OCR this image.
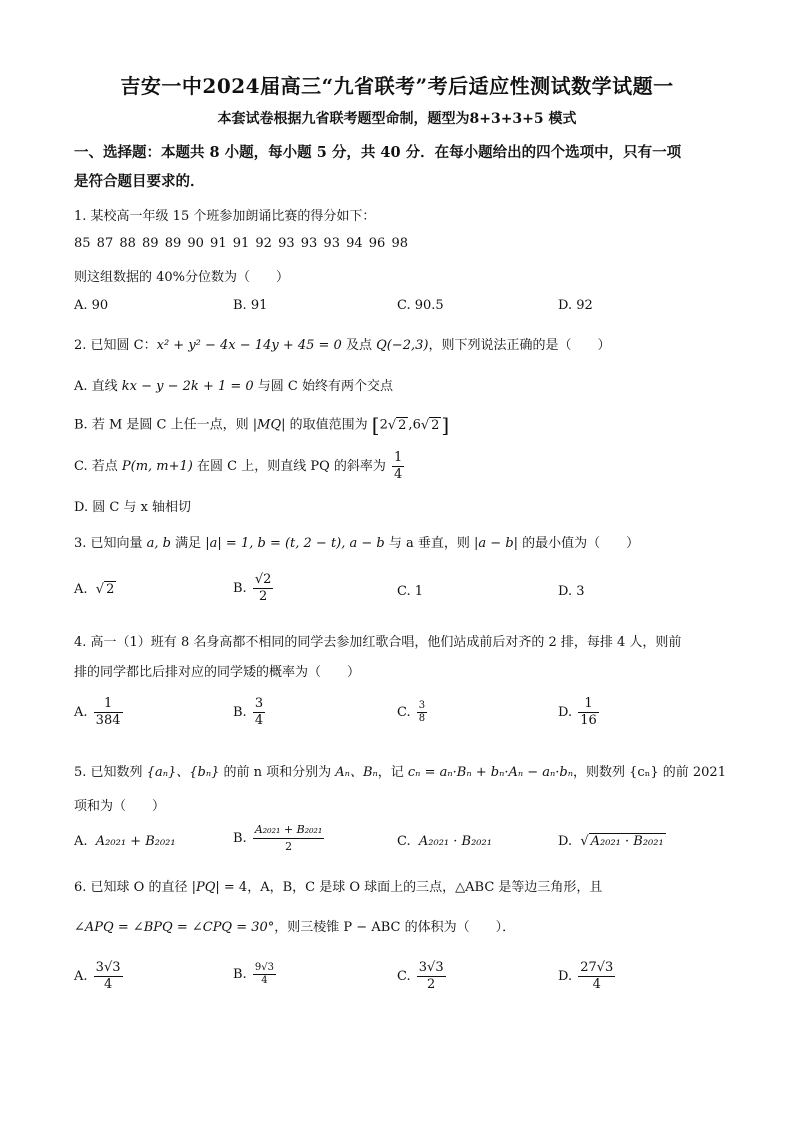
吉安一中2024届高三“九省联考”考后适应性测试数学试题一
本套试卷根据九省联考题型命制，题型为8+3+3+5 模式
一、选择题：本题共 8 小题，每小题 5 分，共 40 分．在每小题给出的四个选项中，只有一项
是符合题目要求的．
1. 某校高一年级 15 个班参加朗诵比赛的得分如下：
85 87 88 89 89 90 91 91 92 93 93 93 94 96 98
则这组数据的 40%分位数为（　　）
A. 90	B. 91	C. 90.5	D. 92
2. 已知圆 C：x² + y² − 4x − 14y + 45 = 0 及点 Q(−2,3)，则下列说法正确的是（　　）
A. 直线 kx − y − 2k + 1 = 0 与圆 C 始终有两个交点
B. 若 M 是圆 C 上任一点，则 |MQ| 的取值范围为 [2√ 2 ,6√ 2 ]
C. 若点 P(m, m+1) 在圆 C 上，则直线 PQ 的斜率为 $\frac{1}{4}$
D. 圆 C 与 x 轴相切
3. 已知向量 a, b 满足 |a| = 1, b = (t, 2 − t), a − b 与 a 垂直，则 |a − b| 的最小值为（　　）
A. √ 2	B. $\frac{√2}{2}$	C. 1	D. 3
4. 高一（1）班有 8 名身高都不相同的同学去参加红歌合唱，他们站成前后对齐的 2 排，每排 4 人，则前
排的同学都比后排对应的同学矮的概率为（　　）
A. $\frac{1}{384}$	B. $\frac{3}{4}$	C. $\frac{3}{8}$	D. $\frac{1}{16}$
5. 已知数列 {aₙ}、{bₙ} 的前 n 项和分别为 Aₙ、Bₙ，记 cₙ = aₙ·Bₙ + bₙ·Aₙ − aₙ·bₙ，则数列 {cₙ} 的前 2021
项和为（　　）
A. A₂₀₂₁ + B₂₀₂₁	B. $\frac{\text{A₂₀₂₁ + B₂₀₂₁}}{2}$	C. A₂₀₂₁ · B₂₀₂₁	D. √ A₂₀₂₁ · B₂₀₂₁
6. 已知球 O 的直径 |PQ| = 4，A，B，C 是球 O 球面上的三点，△ABC 是等边三角形，且
∠APQ = ∠BPQ = ∠CPQ = 30°，则三棱锥 P − ABC 的体积为（　　）．
A. $\frac{3√3}{4}$	B. $\frac{9√3}{4}$	C. $\frac{3√3}{2}$	D. $\frac{27√3}{4}$
